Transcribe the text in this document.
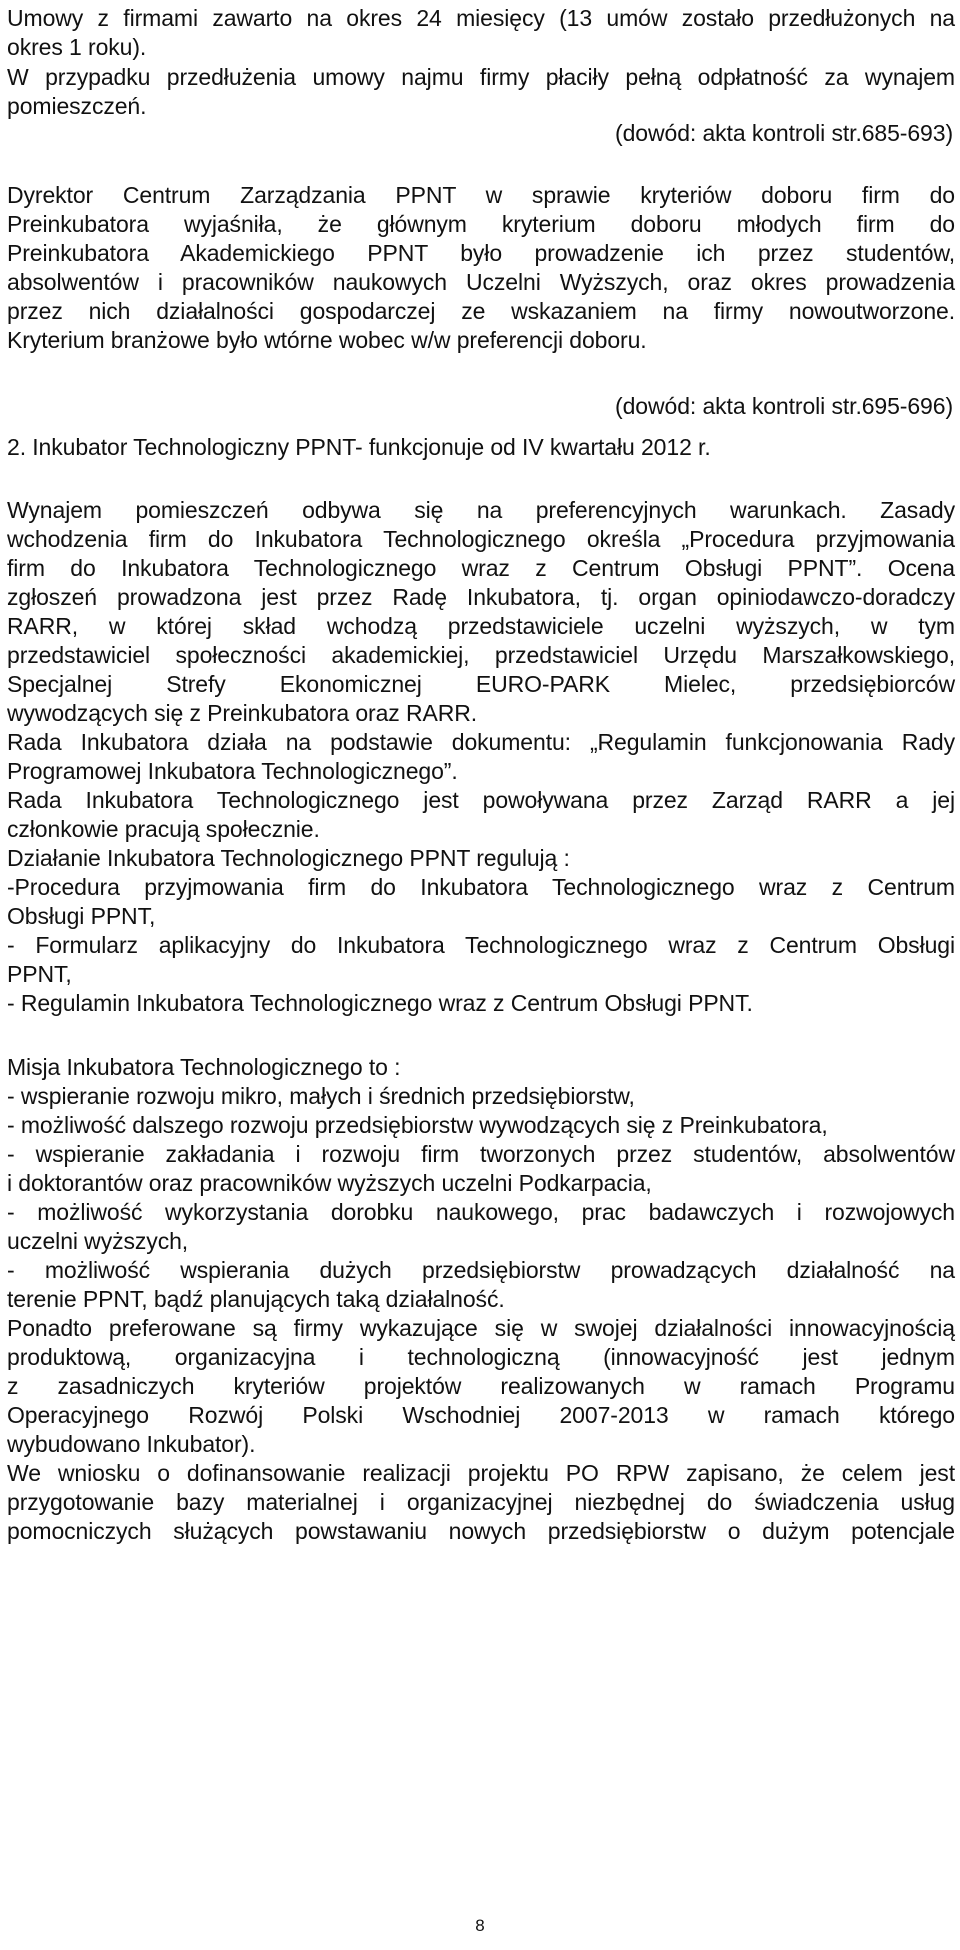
Umowy z firmami zawarto na okres 24 miesięcy (13 umów zostało przedłużonych na
okres 1 roku).
W przypadku przedłużenia umowy najmu firmy płaciły pełną odpłatność za wynajem
pomieszczeń.
(dowód: akta kontroli str.685-693)
Dyrektor Centrum Zarządzania PPNT w sprawie kryteriów doboru firm do
Preinkubatora wyjaśniła, że głównym kryterium doboru młodych firm do
Preinkubatora Akademickiego PPNT było prowadzenie ich przez studentów,
absolwentów i pracowników naukowych Uczelni Wyższych, oraz okres prowadzenia
przez nich działalności gospodarczej ze wskazaniem na firmy nowoutworzone.
Kryterium branżowe było wtórne wobec w/w preferencji doboru.
(dowód: akta kontroli str.695-696)
2. Inkubator Technologiczny PPNT- funkcjonuje od IV kwartału 2012 r.
Wynajem pomieszczeń odbywa się na preferencyjnych warunkach. Zasady
wchodzenia firm do Inkubatora Technologicznego określa „Procedura przyjmowania
firm do Inkubatora Technologicznego wraz z Centrum Obsługi PPNT”. Ocena
zgłoszeń prowadzona jest przez Radę Inkubatora, tj. organ opiniodawczo-doradczy
RARR, w której skład wchodzą przedstawiciele uczelni wyższych, w tym
przedstawiciel społeczności akademickiej, przedstawiciel Urzędu Marszałkowskiego,
Specjalnej Strefy Ekonomicznej EURO-PARK Mielec, przedsiębiorców
wywodzących się z Preinkubatora oraz RARR.
Rada Inkubatora działa na podstawie dokumentu: „Regulamin funkcjonowania Rady
Programowej Inkubatora Technologicznego”.
Rada Inkubatora Technologicznego jest powoływana przez Zarząd RARR a jej
członkowie pracują społecznie.
Działanie Inkubatora Technologicznego PPNT regulują :
-Procedura przyjmowania firm do Inkubatora Technologicznego wraz z Centrum
Obsługi PPNT,
- Formularz aplikacyjny do Inkubatora Technologicznego wraz z Centrum Obsługi
PPNT,
- Regulamin Inkubatora Technologicznego wraz z Centrum Obsługi PPNT.
Misja Inkubatora Technologicznego to :
- wspieranie rozwoju mikro, małych i średnich przedsiębiorstw,
- możliwość dalszego rozwoju przedsiębiorstw wywodzących się z Preinkubatora,
- wspieranie zakładania i rozwoju firm tworzonych przez studentów, absolwentów
i doktorantów oraz pracowników wyższych uczelni Podkarpacia,
- możliwość wykorzystania dorobku naukowego, prac badawczych i rozwojowych
uczelni wyższych,
- możliwość wspierania dużych przedsiębiorstw prowadzących działalność na
terenie PPNT, bądź planujących taką działalność.
Ponadto preferowane są firmy wykazujące się w swojej działalności innowacyjnością
produktową, organizacyjna i technologiczną (innowacyjność jest jednym
z zasadniczych kryteriów projektów realizowanych w ramach Programu
Operacyjnego Rozwój Polski Wschodniej 2007-2013 w ramach którego
wybudowano Inkubator).
We wniosku o dofinansowanie realizacji projektu PO RPW zapisano, że celem jest
przygotowanie bazy materialnej i organizacyjnej niezbędnej do świadczenia usług
pomocniczych służących powstawaniu nowych przedsiębiorstw o dużym potencjale
8
